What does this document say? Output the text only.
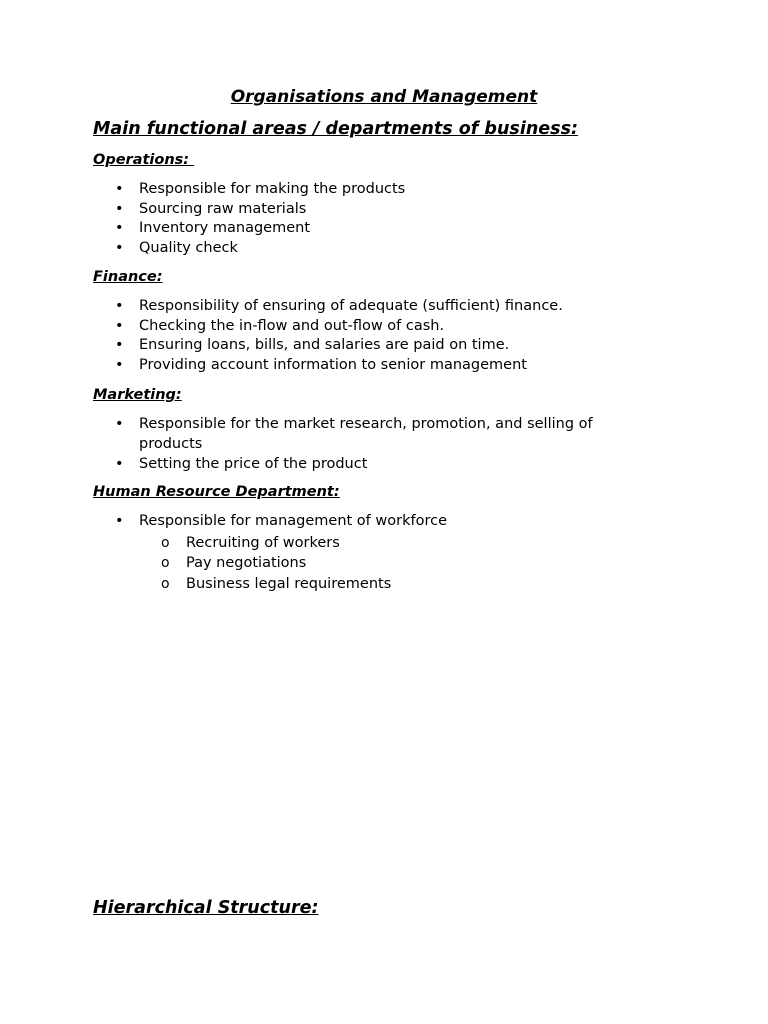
Organisations and Management
Main functional areas / departments of business:
Operations:
• Responsible for making the products
• Sourcing raw materials
• Inventory management
• Quality check
Finance:
• Responsibility of ensuring of adequate (sufficient) finance.
• Checking the in-flow and out-flow of cash.
• Ensuring loans, bills, and salaries are paid on time.
• Providing account information to senior management
Marketing:
• Responsible for the market research, promotion, and selling of products
• Setting the price of the product
Human Resource Department:
• Responsible for management of workforce
o Recruiting of workers
o Pay negotiations
o Business legal requirements
Hierarchical Structure:
